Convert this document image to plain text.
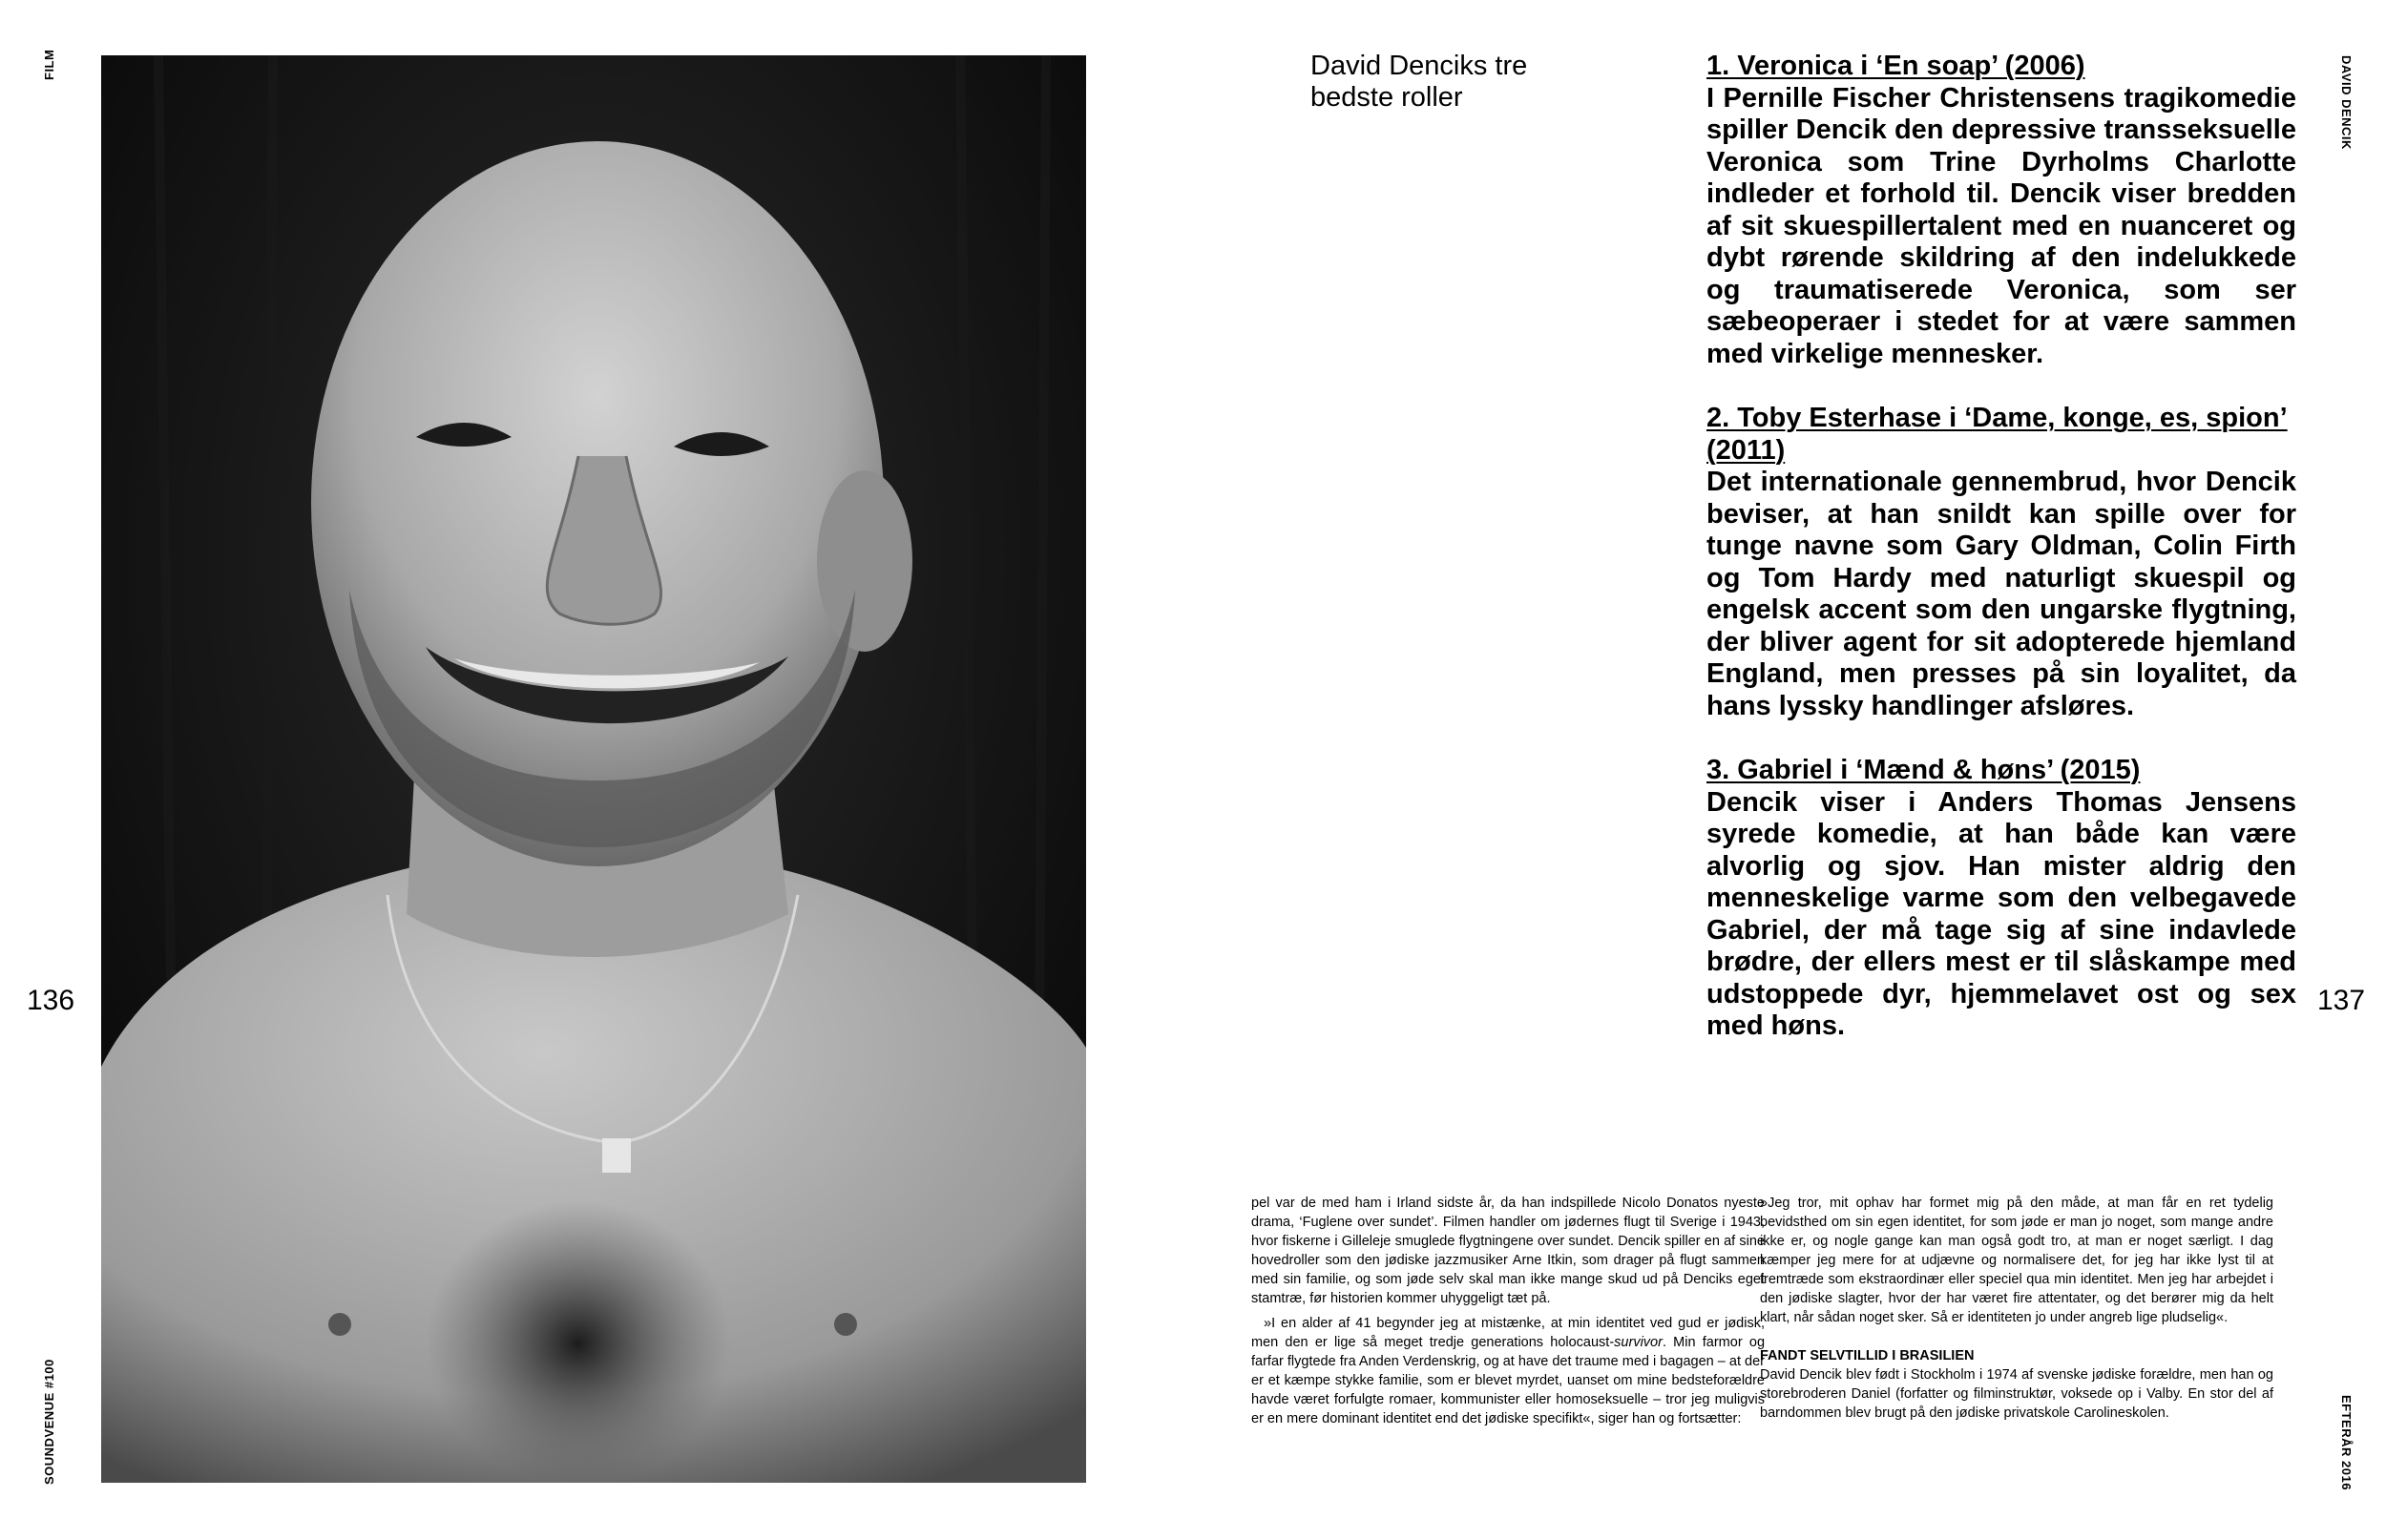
FILM
SOUNDVENUE #100
DAVID DENCIK
EFTERÅR 2016
136	137
David Denciks tre bedste roller
1. Veronica i ‘En soap’ (2006)
I Pernille Fischer Christensens tragikomedie spiller Dencik den depressive transseksuelle Veronica som Trine Dyrholms Charlotte indleder et forhold til. Dencik viser bredden af sit skuespillertalent med en nuanceret og dybt rørende skildring af den indelukkede og traumatiserede Veronica, som ser sæbeoperaer i stedet for at være sammen med virkelige mennesker.
2. Toby Esterhase i ‘Dame, konge, es, spion’ (2011)
Det internationale gennembrud, hvor Dencik beviser, at han snildt kan spille over for tunge navne som Gary Oldman, Colin Firth og Tom Hardy med naturligt skuespil og engelsk accent som den ungarske flygtning, der bliver agent for sit adopterede hjemland England, men presses på sin loyalitet, da hans lyssky handlinger afsløres.
3. Gabriel i ‘Mænd & høns’ (2015)
Dencik viser i Anders Thomas Jensens syrede komedie, at han både kan være alvorlig og sjov. Han mister aldrig den menneskelige varme som den velbegavede Gabriel, der må tage sig af sine indavlede brødre, der ellers mest er til slåskampe med udstoppede dyr, hjemmelavet ost og sex med høns.

pel var de med ham i Irland sidste år, da han indspillede Nicolo Donatos nyeste drama, ‘Fuglene over sundet’. Filmen handler om jødernes flugt til Sverige i 1943, hvor fiskerne i Gilleleje smuglede flygtningene over sundet. Dencik spiller en af sine hovedroller som den jødiske jazzmusiker Arne Itkin, som drager på flugt sammen med sin familie, og som jøde selv skal man ikke mange skud ud på Denciks eget stamtræ, før historien kommer uhyggeligt tæt på.

»I en alder af 41 begynder jeg at mistænke, at min identitet ved gud er jødisk, men den er lige så meget tredje generations holocaust-survivor. Min farmor og farfar flygtede fra Anden Verdenskrig, og at have det traume med i bagagen – at der er et kæmpe stykke familie, som er blevet myrdet, uanset om mine bedsteforældre havde været forfulgte romaer, kommunister eller homoseksuelle – tror jeg muligvis er en mere dominant identitet end det jødiske specifikt«, siger han og fortsætter:

»Jeg tror, mit ophav har formet mig på den måde, at man får en ret tydelig bevidsthed om sin egen identitet, for som jøde er man jo noget, som mange andre ikke er, og nogle gange kan man også godt tro, at man er noget særligt. I dag kæmper jeg mere for at udjævne og normalisere det, for jeg har ikke lyst til at fremtræde som ekstraordinær eller speciel qua min identitet. Men jeg har arbejdet i den jødiske slagter, hvor der har været fire attentater, og det berører mig da helt klart, når sådan noget sker. Så er identiteten jo under angreb lige pludselig«.

FANDT SELVTILLID I BRASILIEN

David Dencik blev født i Stockholm i 1974 af svenske jødiske forældre, men han og storebroderen Daniel (forfatter og filminstruktør, voksede op i Valby. En stor del af barndommen blev brugt på den jødiske privatskole Carolineskolen.
